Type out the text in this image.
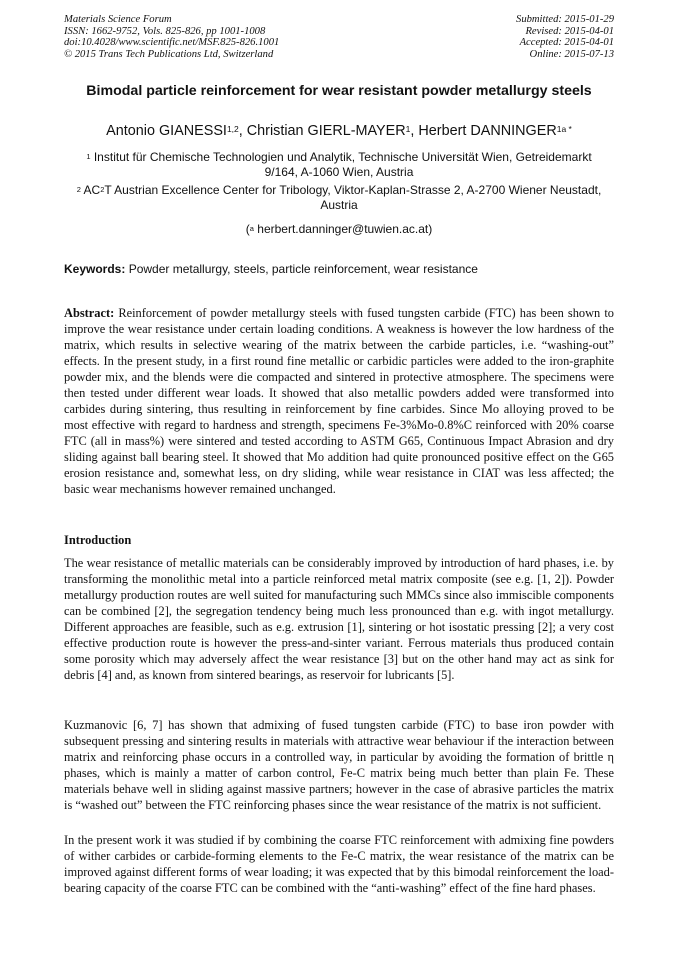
Materials Science Forum
ISSN: 1662-9752, Vols. 825-826, pp 1001-1008
doi:10.4028/www.scientific.net/MSF.825-826.1001
© 2015 Trans Tech Publications Ltd, Switzerland
Submitted: 2015-01-29
Revised: 2015-04-01
Accepted: 2015-04-01
Online: 2015-07-13
Bimodal particle reinforcement for wear resistant powder metallurgy steels
Antonio GIANESSI$^{1,2}$, Christian GIERL-MAYER$^1$, Herbert $DANNINGER^{1a *}$
$^1$ Institut für Chemische Technologien und Analytik, Technische Universität Wien, Getreidemarkt 9/164, A-1060 Wien, Austria
$^2$ $AC^2T$ Austrian Excellence Center for Tribology, Viktor-Kaplan-Strasse 2, A-2700 Wiener Neustadt, Austria
($^a$ herbert.danninger@tuwien.ac.at)
Keywords: Powder metallurgy, steels, particle reinforcement, wear resistance
Abstract: Reinforcement of powder metallurgy steels with fused tungsten carbide (FTC) has been shown to improve the wear resistance under certain loading conditions. A weakness is however the low hardness of the matrix, which results in selective wearing of the matrix between the carbide particles, i.e. “washing-out” effects. In the present study, in a first round fine metallic or carbidic particles were added to the iron-graphite powder mix, and the blends were die compacted and sintered in protective atmosphere. The specimens were then tested under different wear loads. It showed that also metallic powders added were transformed into carbides during sintering, thus resulting in reinforcement by fine carbides. Since Mo alloying proved to be most effective with regard to hardness and strength, specimens Fe-3%Mo-0.8%C reinforced with 20% coarse FTC (all in mass%) were sintered and tested according to ASTM G65, Continuous Impact Abrasion and dry sliding against ball bearing steel. It showed that Mo addition had quite pronounced positive effect on the G65 erosion resistance and, somewhat less, on dry sliding, while wear resistance in CIAT was less affected; the basic wear mechanisms however remained unchanged.
Introduction
The wear resistance of metallic materials can be considerably improved by introduction of hard phases, i.e. by transforming the monolithic metal into a particle reinforced metal matrix composite (see e.g. [1, 2]). Powder metallurgy production routes are well suited for manufacturing such MMCs since also immiscible components can be combined [2], the segregation tendency being much less pronounced than e.g. with ingot metallurgy. Different approaches are feasible, such as e.g. extrusion [1], sintering or hot isostatic pressing [2]; a very cost effective production route is however the press-and-sinter variant. Ferrous materials thus produced contain some porosity which may adversely affect the wear resistance [3] but on the other hand may act as sink for debris [4] and, as known from sintered bearings, as reservoir for lubricants [5].
Kuzmanovic [6, 7] has shown that admixing of fused tungsten carbide (FTC) to base iron powder with subsequent pressing and sintering results in materials with attractive wear behaviour if the interaction between matrix and reinforcing phase occurs in a controlled way, in particular by avoiding the formation of brittle η phases, which is mainly a matter of carbon control, Fe-C matrix being much better than plain Fe. These materials behave well in sliding against massive partners; however in the case of abrasive particles the matrix is “washed out” between the FTC reinforcing phases since the wear resistance of the matrix is not sufficient.
In the present work it was studied if by combining the coarse FTC reinforcement with admixing fine powders of wither carbides or carbide-forming elements to the Fe-C matrix, the wear resistance of the matrix can be improved against different forms of wear loading; it was expected that by this bimodal reinforcement the load-bearing capacity of the coarse FTC can be combined with the “anti-washing” effect of the fine hard phases.
